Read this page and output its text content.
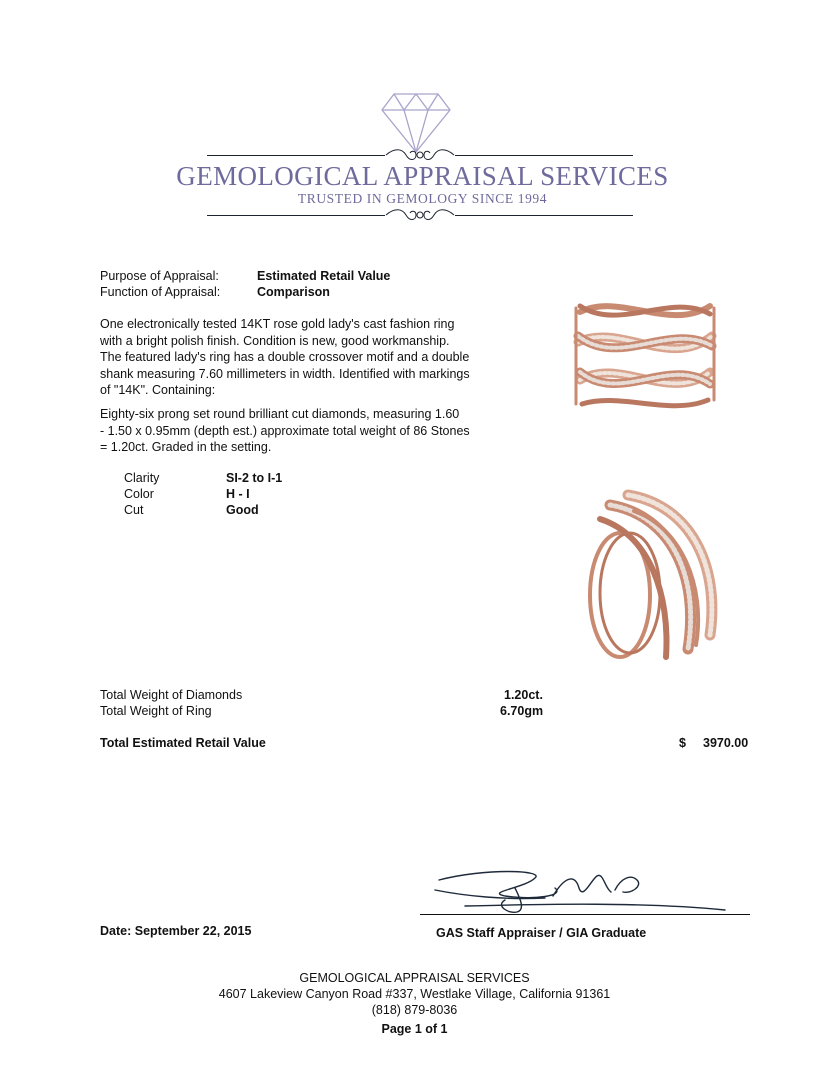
GEMOLOGICAL APPRAISAL SERVICES
TRUSTED IN GEMOLOGY SINCE 1994
Purpose of Appraisal:	Estimated Retail Value
Function of Appraisal:	Comparison
One electronically tested 14KT rose gold lady's cast fashion ring
with a bright polish finish. Condition is new, good workmanship.
The featured lady's ring has a double crossover motif and a double
shank measuring 7.60 millimeters in width. Identified with markings
of "14K". Containing:
Eighty-six prong set round brilliant cut diamonds, measuring 1.60
- 1.50 x 0.95mm (depth est.) approximate total weight of 86 Stones
= 1.20ct. Graded in the setting.
Clarity	SI-2 to I-1
Color	H - I
Cut	Good
Total Weight of Diamonds	1.20ct.
Total Weight of Ring	6.70gm
Total Estimated Retail Value	$ 3970.00
Date: September 22, 2015	GAS Staff Appraiser / GIA Graduate
GEMOLOGICAL APPRAISAL SERVICES
4607 Lakeview Canyon Road #337, Westlake Village, California 91361
(818) 879-8036
Page 1 of 1
